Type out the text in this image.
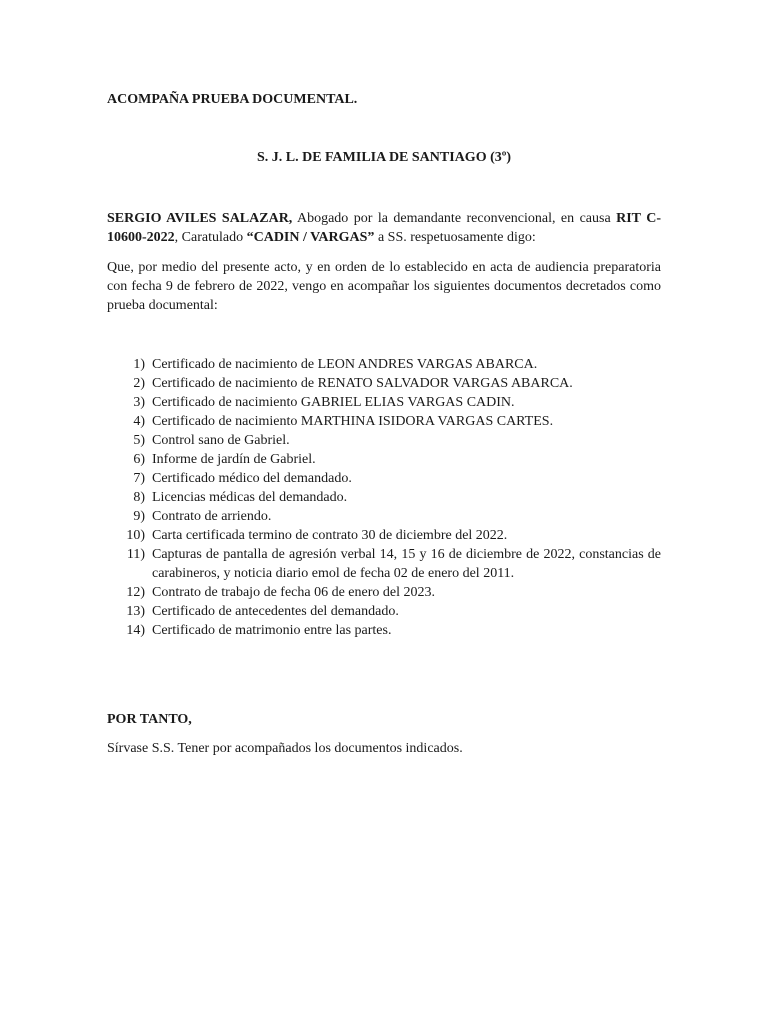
ACOMPAÑA PRUEBA DOCUMENTAL.

S. J. L. DE FAMILIA DE SANTIAGO (3º)

SERGIO AVILES SALAZAR, Abogado por la demandante reconvencional, en causa RIT C-10600-2022, Caratulado “CADIN / VARGAS” a SS. respetuosamente digo:

Que, por medio del presente acto, y en orden de lo establecido en acta de audiencia preparatoria con fecha 9 de febrero de 2022, vengo en acompañar los siguientes documentos decretados como prueba documental:

1) Certificado de nacimiento de LEON ANDRES VARGAS ABARCA.
2) Certificado de nacimiento de RENATO SALVADOR VARGAS ABARCA.
3) Certificado de nacimiento GABRIEL ELIAS VARGAS CADIN.
4) Certificado de nacimiento MARTHINA ISIDORA VARGAS CARTES.
5) Control sano de Gabriel.
6) Informe de jardín de Gabriel.
7) Certificado médico del demandado.
8) Licencias médicas del demandado.
9) Contrato de arriendo.
10) Carta certificada termino de contrato 30 de diciembre del 2022.
11) Capturas de pantalla de agresión verbal 14, 15 y 16 de diciembre de 2022, constancias de carabineros, y noticia diario emol de fecha 02 de enero del 2011.
12) Contrato de trabajo de fecha 06 de enero del 2023.
13) Certificado de antecedentes del demandado.
14) Certificado de matrimonio entre las partes.

POR TANTO,

Sírvase S.S. Tener por acompañados los documentos indicados.
